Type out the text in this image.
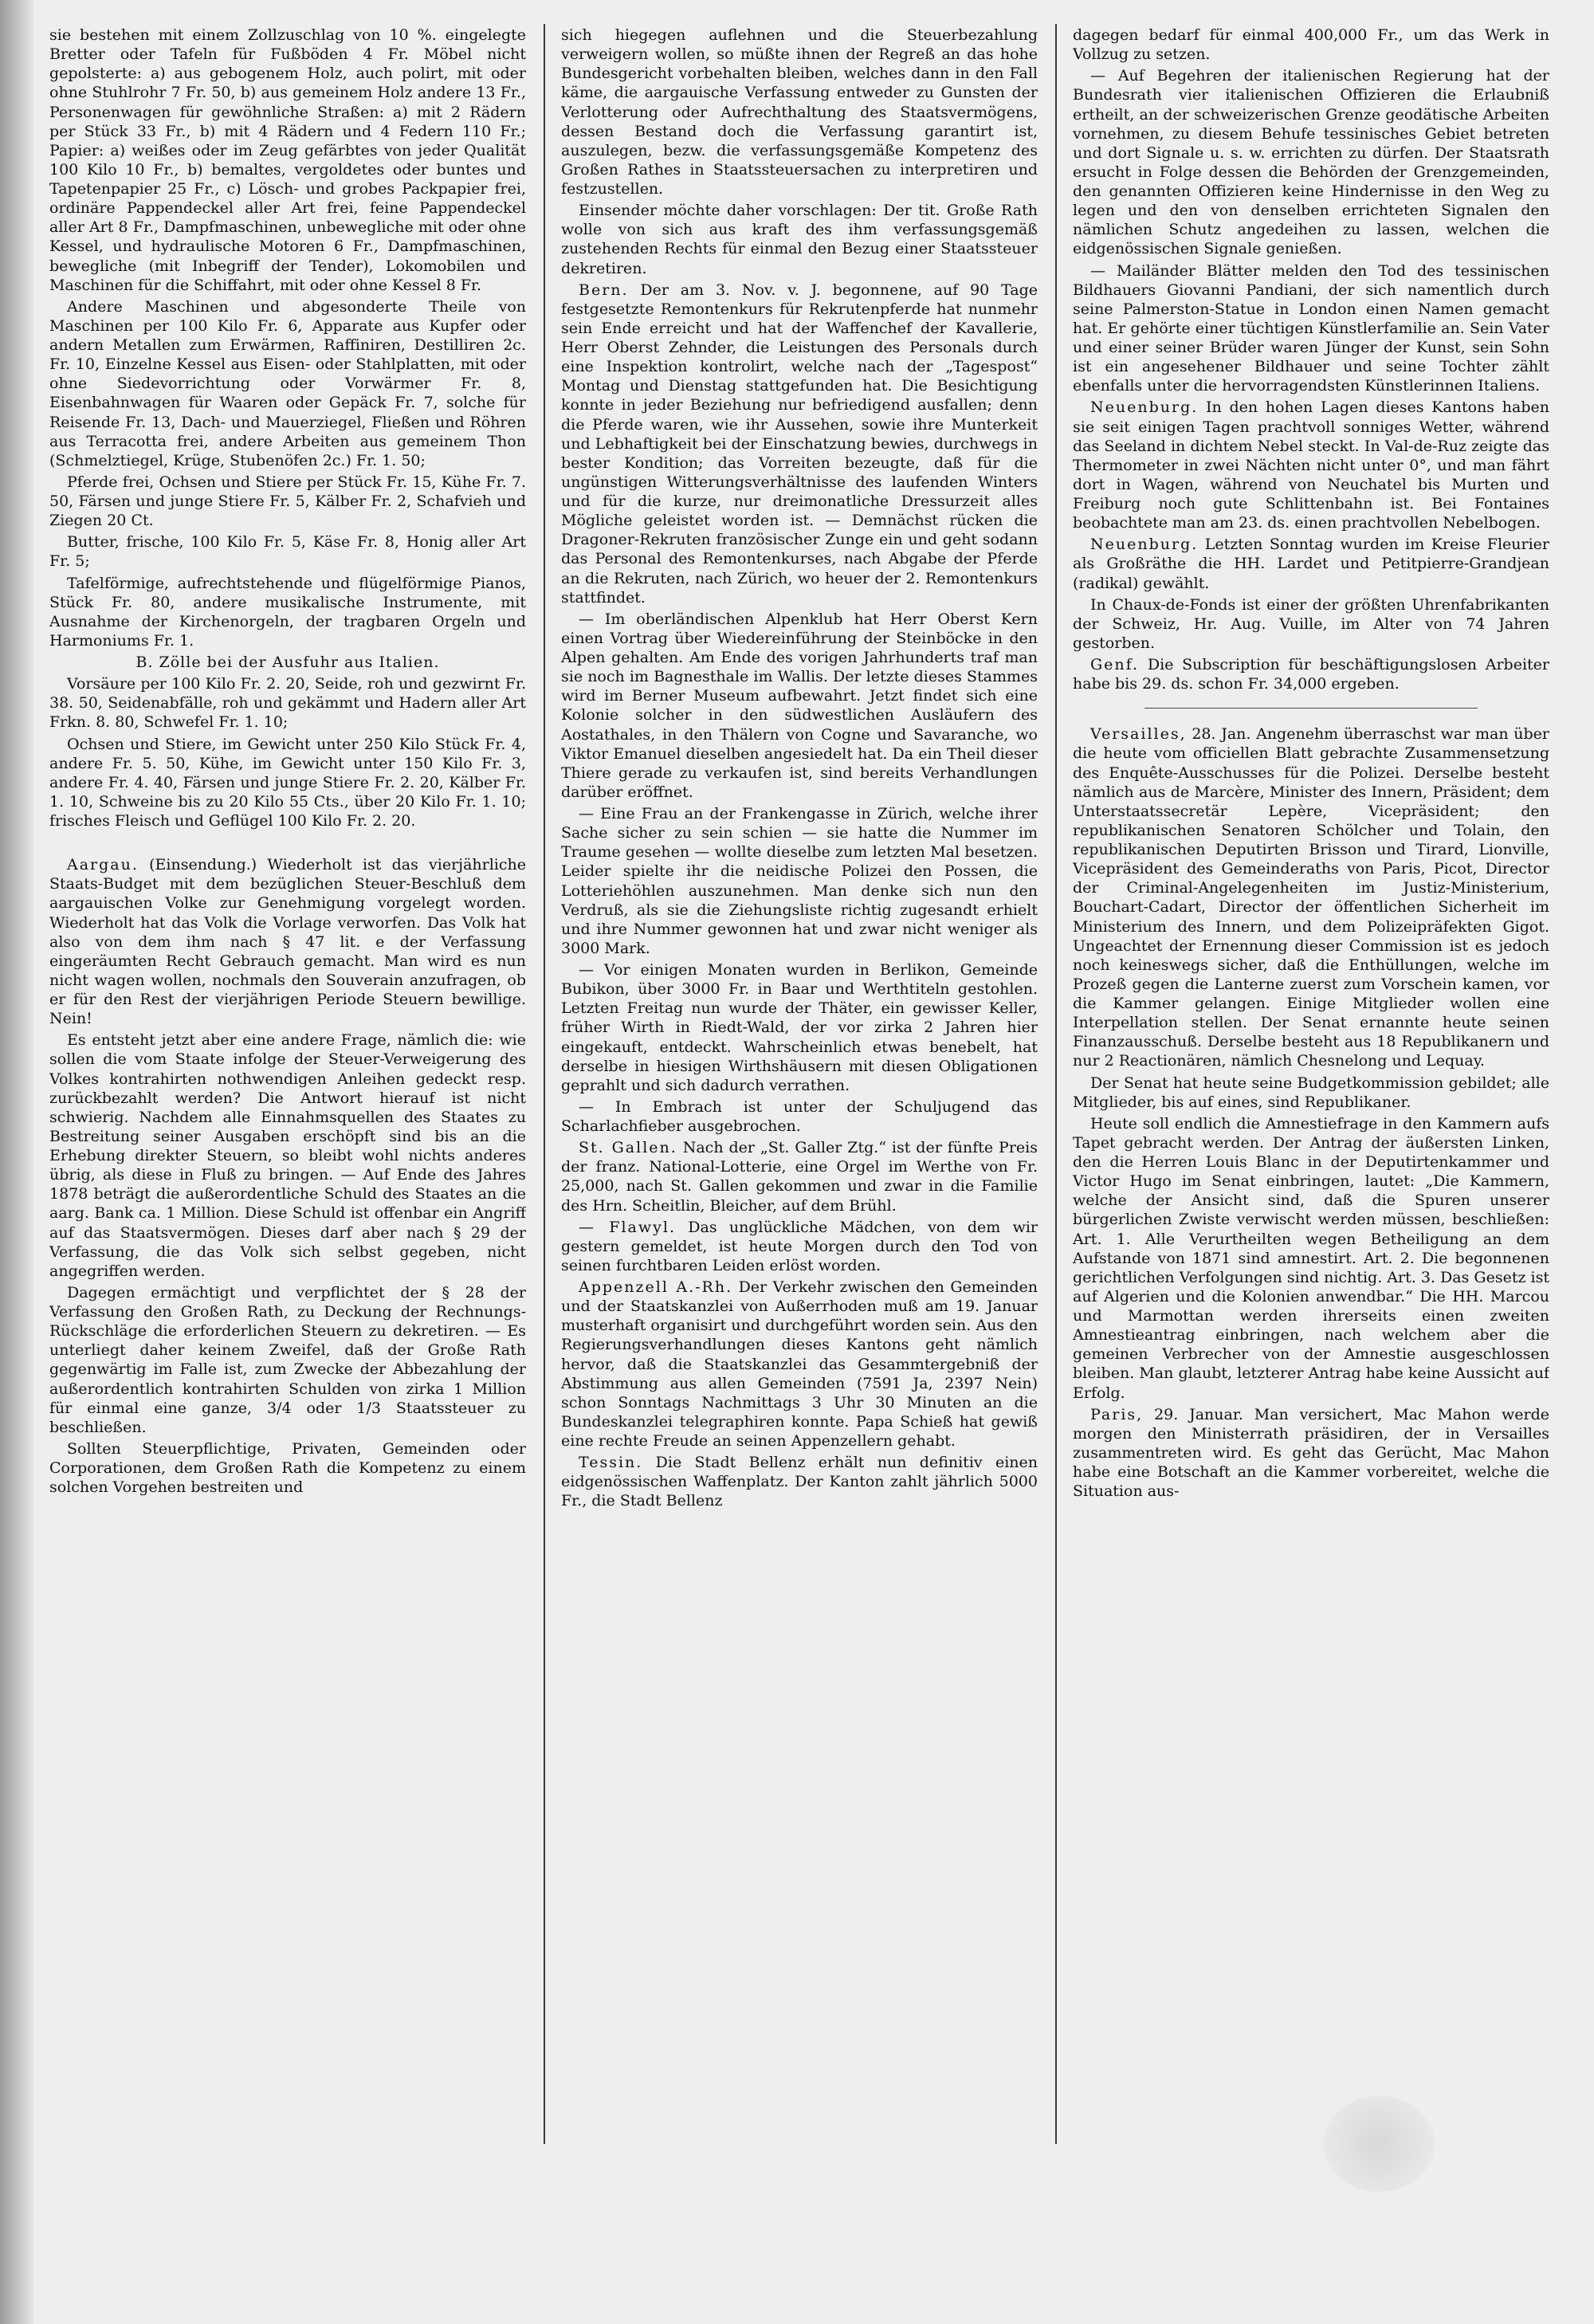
sie bestehen mit einem Zollzuschlag von 10 %. eingelegte Bretter oder Tafeln für Fußböden 4 Fr. Möbel nicht gepolsterte: a) aus gebogenem Holz, auch polirt, mit oder ohne Stuhlrohr 7 Fr. 50, b) aus gemeinem Holz andere 13 Fr., Personenwagen für gewöhnliche Straßen: a) mit 2 Rädern per Stück 33 Fr., b) mit 4 Rädern und 4 Federn 110 Fr.; Papier: a) weißes oder im Zeug gefärbtes von jeder Qualität 100 Kilo 10 Fr., b) bemaltes, vergoldetes oder buntes und Tapetenpapier 25 Fr., c) Lösch- und grobes Packpapier frei, ordinäre Pappendeckel aller Art frei, feine Pappendeckel aller Art 8 Fr., Dampfmaschinen, unbewegliche mit oder ohne Kessel, und hydraulische Motoren 6 Fr., Dampfmaschinen, bewegliche (mit Inbegriff der Tender), Lokomobilen und Maschinen für die Schiffahrt, mit oder ohne Kessel 8 Fr.

Andere Maschinen und abgesonderte Theile von Maschinen per 100 Kilo Fr. 6, Apparate aus Kupfer oder andern Metallen zum Erwärmen, Raffiniren, Destilliren 2c. Fr. 10, Einzelne Kessel aus Eisen- oder Stahlplatten, mit oder ohne Siedevorrichtung oder Vorwärmer Fr. 8, Eisenbahnwagen für Waaren oder Gepäck Fr. 7, solche für Reisende Fr. 13, Dach- und Mauerziegel, Fließen und Röhren aus Terracotta frei, andere Arbeiten aus gemeinem Thon (Schmelztiegel, Krüge, Stubenöfen 2c.) Fr. 1. 50;

Pferde frei, Ochsen und Stiere per Stück Fr. 15, Kühe Fr. 7. 50, Färsen und junge Stiere Fr. 5, Kälber Fr. 2, Schafvieh und Ziegen 20 Ct.

Butter, frische, 100 Kilo Fr. 5, Käse Fr. 8, Honig aller Art Fr. 5;

Tafelförmige, aufrechtstehende und flügelförmige Pianos, Stück Fr. 80, andere musikalische Instrumente, mit Ausnahme der Kirchenorgeln, der tragbaren Orgeln und Harmoniums Fr. 1.

B. Zölle bei der Ausfuhr aus Italien.

Vorsäure per 100 Kilo Fr. 2. 20, Seide, roh und gezwirnt Fr. 38. 50, Seidenabfälle, roh und gekämmt und Hadern aller Art Frkn. 8. 80, Schwefel Fr. 1. 10;

Ochsen und Stiere, im Gewicht unter 250 Kilo Stück Fr. 4, andere Fr. 5. 50, Kühe, im Gewicht unter 150 Kilo Fr. 3, andere Fr. 4. 40, Färsen und junge Stiere Fr. 2. 20, Kälber Fr. 1. 10, Schweine bis zu 20 Kilo 55 Cts., über 20 Kilo Fr. 1. 10; frisches Fleisch und Geflügel 100 Kilo Fr. 2. 20.

Aargau. (Einsendung.) Wiederholt ist das vierjährliche Staats-Budget mit dem bezüglichen Steuer-Beschluß dem aargauischen Volke zur Genehmigung vorgelegt worden. Wiederholt hat das Volk die Vorlage verworfen. Das Volk hat also von dem ihm nach § 47 lit. e der Verfassung eingeräumten Recht Gebrauch gemacht. Man wird es nun nicht wagen wollen, nochmals den Souverain anzufragen, ob er für den Rest der vierjährigen Periode Steuern bewillige. Nein!

Es entsteht jetzt aber eine andere Frage, nämlich die: wie sollen die vom Staate infolge der Steuer-Verweigerung des Volkes kontrahirten nothwendigen Anleihen gedeckt resp. zurückbezahlt werden? Die Antwort hierauf ist nicht schwierig. Nachdem alle Einnahmsquellen des Staates zu Bestreitung seiner Ausgaben erschöpft sind bis an die Erhebung direkter Steuern, so bleibt wohl nichts anderes übrig, als diese in Fluß zu bringen. — Auf Ende des Jahres 1878 beträgt die außerordentliche Schuld des Staates an die aarg. Bank ca. 1 Million. Diese Schuld ist offenbar ein Angriff auf das Staatsvermögen. Dieses darf aber nach § 29 der Verfassung, die das Volk sich selbst gegeben, nicht angegriffen werden.

Dagegen ermächtigt und verpflichtet der § 28 der Verfassung den Großen Rath, zu Deckung der Rechnungs-Rückschläge die erforderlichen Steuern zu dekretiren. — Es unterliegt daher keinem Zweifel, daß der Große Rath gegenwärtig im Falle ist, zum Zwecke der Abbezahlung der außerordentlich kontrahirten Schulden von zirka 1 Million für einmal eine ganze, 3/4 oder 1/3 Staatssteuer zu beschließen.

Sollten Steuerpflichtige, Privaten, Gemeinden oder Corporationen, dem Großen Rath die Kompetenz zu einem solchen Vorgehen bestreiten und

sich hiegegen auflehnen und die Steuerbezahlung verweigern wollen, so müßte ihnen der Regreß an das hohe Bundesgericht vorbehalten bleiben, welches dann in den Fall käme, die aargauische Verfassung entweder zu Gunsten der Verlotterung oder Aufrechthaltung des Staatsvermögens, dessen Bestand doch die Verfassung garantirt ist, auszulegen, bezw. die verfassungsgemäße Kompetenz des Großen Rathes in Staatssteuersachen zu interpretiren und festzustellen.

Einsender möchte daher vorschlagen: Der tit. Große Rath wolle von sich aus kraft des ihm verfassungsgemäß zustehenden Rechts für einmal den Bezug einer Staatssteuer dekretiren.

Bern. Der am 3. Nov. v. J. begonnene, auf 90 Tage festgesetzte Remontenkurs für Rekrutenpferde hat nunmehr sein Ende erreicht und hat der Waffenchef der Kavallerie, Herr Oberst Zehnder, die Leistungen des Personals durch eine Inspektion kontrolirt, welche nach der „Tagespost“ Montag und Dienstag stattgefunden hat. Die Besichtigung konnte in jeder Beziehung nur befriedigend ausfallen; denn die Pferde waren, wie ihr Aussehen, sowie ihre Munterkeit und Lebhaftigkeit bei der Einschatzung bewies, durchwegs in bester Kondition; das Vorreiten bezeugte, daß für die ungünstigen Witterungsverhältnisse des laufenden Winters und für die kurze, nur dreimonatliche Dressurzeit alles Mögliche geleistet worden ist. — Demnächst rücken die Dragoner-Rekruten französischer Zunge ein und geht sodann das Personal des Remontenkurses, nach Abgabe der Pferde an die Rekruten, nach Zürich, wo heuer der 2. Remontenkurs stattfindet.

— Im oberländischen Alpenklub hat Herr Oberst Kern einen Vortrag über Wiedereinführung der Steinböcke in den Alpen gehalten. Am Ende des vorigen Jahrhunderts traf man sie noch im Bagnesthale im Wallis. Der letzte dieses Stammes wird im Berner Museum aufbewahrt. Jetzt findet sich eine Kolonie solcher in den südwestlichen Ausläufern des Aostathales, in den Thälern von Cogne und Savaranche, wo Viktor Emanuel dieselben angesiedelt hat. Da ein Theil dieser Thiere gerade zu verkaufen ist, sind bereits Verhandlungen darüber eröffnet.

— Eine Frau an der Frankengasse in Zürich, welche ihrer Sache sicher zu sein schien — sie hatte die Nummer im Traume gesehen — wollte dieselbe zum letzten Mal besetzen. Leider spielte ihr die neidische Polizei den Possen, die Lotteriehöhlen auszunehmen. Man denke sich nun den Verdruß, als sie die Ziehungsliste richtig zugesandt erhielt und ihre Nummer gewonnen hat und zwar nicht weniger als 3000 Mark.

— Vor einigen Monaten wurden in Berlikon, Gemeinde Bubikon, über 3000 Fr. in Baar und Werthtiteln gestohlen. Letzten Freitag nun wurde der Thäter, ein gewisser Keller, früher Wirth in Riedt-Wald, der vor zirka 2 Jahren hier eingekauft, entdeckt. Wahrscheinlich etwas benebelt, hat derselbe in hiesigen Wirthshäusern mit diesen Obligationen geprahlt und sich dadurch verrathen.

— In Embrach ist unter der Schuljugend das Scharlachfieber ausgebrochen.

St. Gallen. Nach der „St. Galler Ztg.“ ist der fünfte Preis der franz. National-Lotterie, eine Orgel im Werthe von Fr. 25,000, nach St. Gallen gekommen und zwar in die Familie des Hrn. Scheitlin, Bleicher, auf dem Brühl.

— Flawyl. Das unglückliche Mädchen, von dem wir gestern gemeldet, ist heute Morgen durch den Tod von seinen furchtbaren Leiden erlöst worden.

Appenzell A.-Rh. Der Verkehr zwischen den Gemeinden und der Staatskanzlei von Außerrhoden muß am 19. Januar musterhaft organisirt und durchgeführt worden sein. Aus den Regierungsverhandlungen dieses Kantons geht nämlich hervor, daß die Staatskanzlei das Gesammtergebniß der Abstimmung aus allen Gemeinden (7591 Ja, 2397 Nein) schon Sonntags Nachmittags 3 Uhr 30 Minuten an die Bundeskanzlei telegraphiren konnte. Papa Schieß hat gewiß eine rechte Freude an seinen Appenzellern gehabt.

Tessin. Die Stadt Bellenz erhält nun definitiv einen eidgenössischen Waffenplatz. Der Kanton zahlt jährlich 5000 Fr., die Stadt Bellenz

dagegen bedarf für einmal 400,000 Fr., um das Werk in Vollzug zu setzen.

— Auf Begehren der italienischen Regierung hat der Bundesrath vier italienischen Offizieren die Erlaubniß ertheilt, an der schweizerischen Grenze geodätische Arbeiten vornehmen, zu diesem Behufe tessinisches Gebiet betreten und dort Signale u. s. w. errichten zu dürfen. Der Staatsrath ersucht in Folge dessen die Behörden der Grenzgemeinden, den genannten Offizieren keine Hindernisse in den Weg zu legen und den von denselben errichteten Signalen den nämlichen Schutz angedeihen zu lassen, welchen die eidgenössischen Signale genießen.

— Mailänder Blätter melden den Tod des tessinischen Bildhauers Giovanni Pandiani, der sich namentlich durch seine Palmerston-Statue in London einen Namen gemacht hat. Er gehörte einer tüchtigen Künstlerfamilie an. Sein Vater und einer seiner Brüder waren Jünger der Kunst, sein Sohn ist ein angesehener Bildhauer und seine Tochter zählt ebenfalls unter die hervorragendsten Künstlerinnen Italiens.

Neuenburg. In den hohen Lagen dieses Kantons haben sie seit einigen Tagen prachtvoll sonniges Wetter, während das Seeland in dichtem Nebel steckt. In Val-de-Ruz zeigte das Thermometer in zwei Nächten nicht unter 0°, und man fährt dort in Wagen, während von Neuchatel bis Murten und Freiburg noch gute Schlittenbahn ist. Bei Fontaines beobachtete man am 23. ds. einen prachtvollen Nebelbogen.

Neuenburg. Letzten Sonntag wurden im Kreise Fleurier als Großräthe die HH. Lardet und Petitpierre-Grandjean (radikal) gewählt.

In Chaux-de-Fonds ist einer der größten Uhrenfabrikanten der Schweiz, Hr. Aug. Vuille, im Alter von 74 Jahren gestorben.

Genf. Die Subscription für beschäftigungslosen Arbeiter habe bis 29. ds. schon Fr. 34,000 ergeben.

Versailles, 28. Jan. Angenehm überraschst war man über die heute vom officiellen Blatt gebrachte Zusammensetzung des Enquête-Ausschusses für die Polizei. Derselbe besteht nämlich aus de Marcère, Minister des Innern, Präsident; dem Unterstaatssecretär Lepère, Vicepräsident; den republikanischen Senatoren Schölcher und Tolain, den republikanischen Deputirten Brisson und Tirard, Lionville, Vicepräsident des Gemeinderaths von Paris, Picot, Director der Criminal-Angelegenheiten im Justiz-Ministerium, Bouchart-Cadart, Director der öffentlichen Sicherheit im Ministerium des Innern, und dem Polizeipräfekten Gigot. Ungeachtet der Ernennung dieser Commission ist es jedoch noch keineswegs sicher, daß die Enthüllungen, welche im Prozeß gegen die Lanterne zuerst zum Vorschein kamen, vor die Kammer gelangen. Einige Mitglieder wollen eine Interpellation stellen. Der Senat ernannte heute seinen Finanzausschuß. Derselbe besteht aus 18 Republikanern und nur 2 Reactionären, nämlich Chesnelong und Lequay.

Der Senat hat heute seine Budgetkommission gebildet; alle Mitglieder, bis auf eines, sind Republikaner.

Heute soll endlich die Amnestiefrage in den Kammern aufs Tapet gebracht werden. Der Antrag der äußersten Linken, den die Herren Louis Blanc in der Deputirtenkammer und Victor Hugo im Senat einbringen, lautet: „Die Kammern, welche der Ansicht sind, daß die Spuren unserer bürgerlichen Zwiste verwischt werden müssen, beschließen: Art. 1. Alle Verurtheilten wegen Betheiligung an dem Aufstande von 1871 sind amnestirt. Art. 2. Die begonnenen gerichtlichen Verfolgungen sind nichtig. Art. 3. Das Gesetz ist auf Algerien und die Kolonien anwendbar.“ Die HH. Marcou und Marmottan werden ihrerseits einen zweiten Amnestieantrag einbringen, nach welchem aber die gemeinen Verbrecher von der Amnestie ausgeschlossen bleiben. Man glaubt, letzterer Antrag habe keine Aussicht auf Erfolg.

Paris, 29. Januar. Man versichert, Mac Mahon werde morgen den Ministerrath präsidiren, der in Versailles zusammentreten wird. Es geht das Gerücht, Mac Mahon habe eine Botschaft an die Kammer vorbereitet, welche die Situation aus-
